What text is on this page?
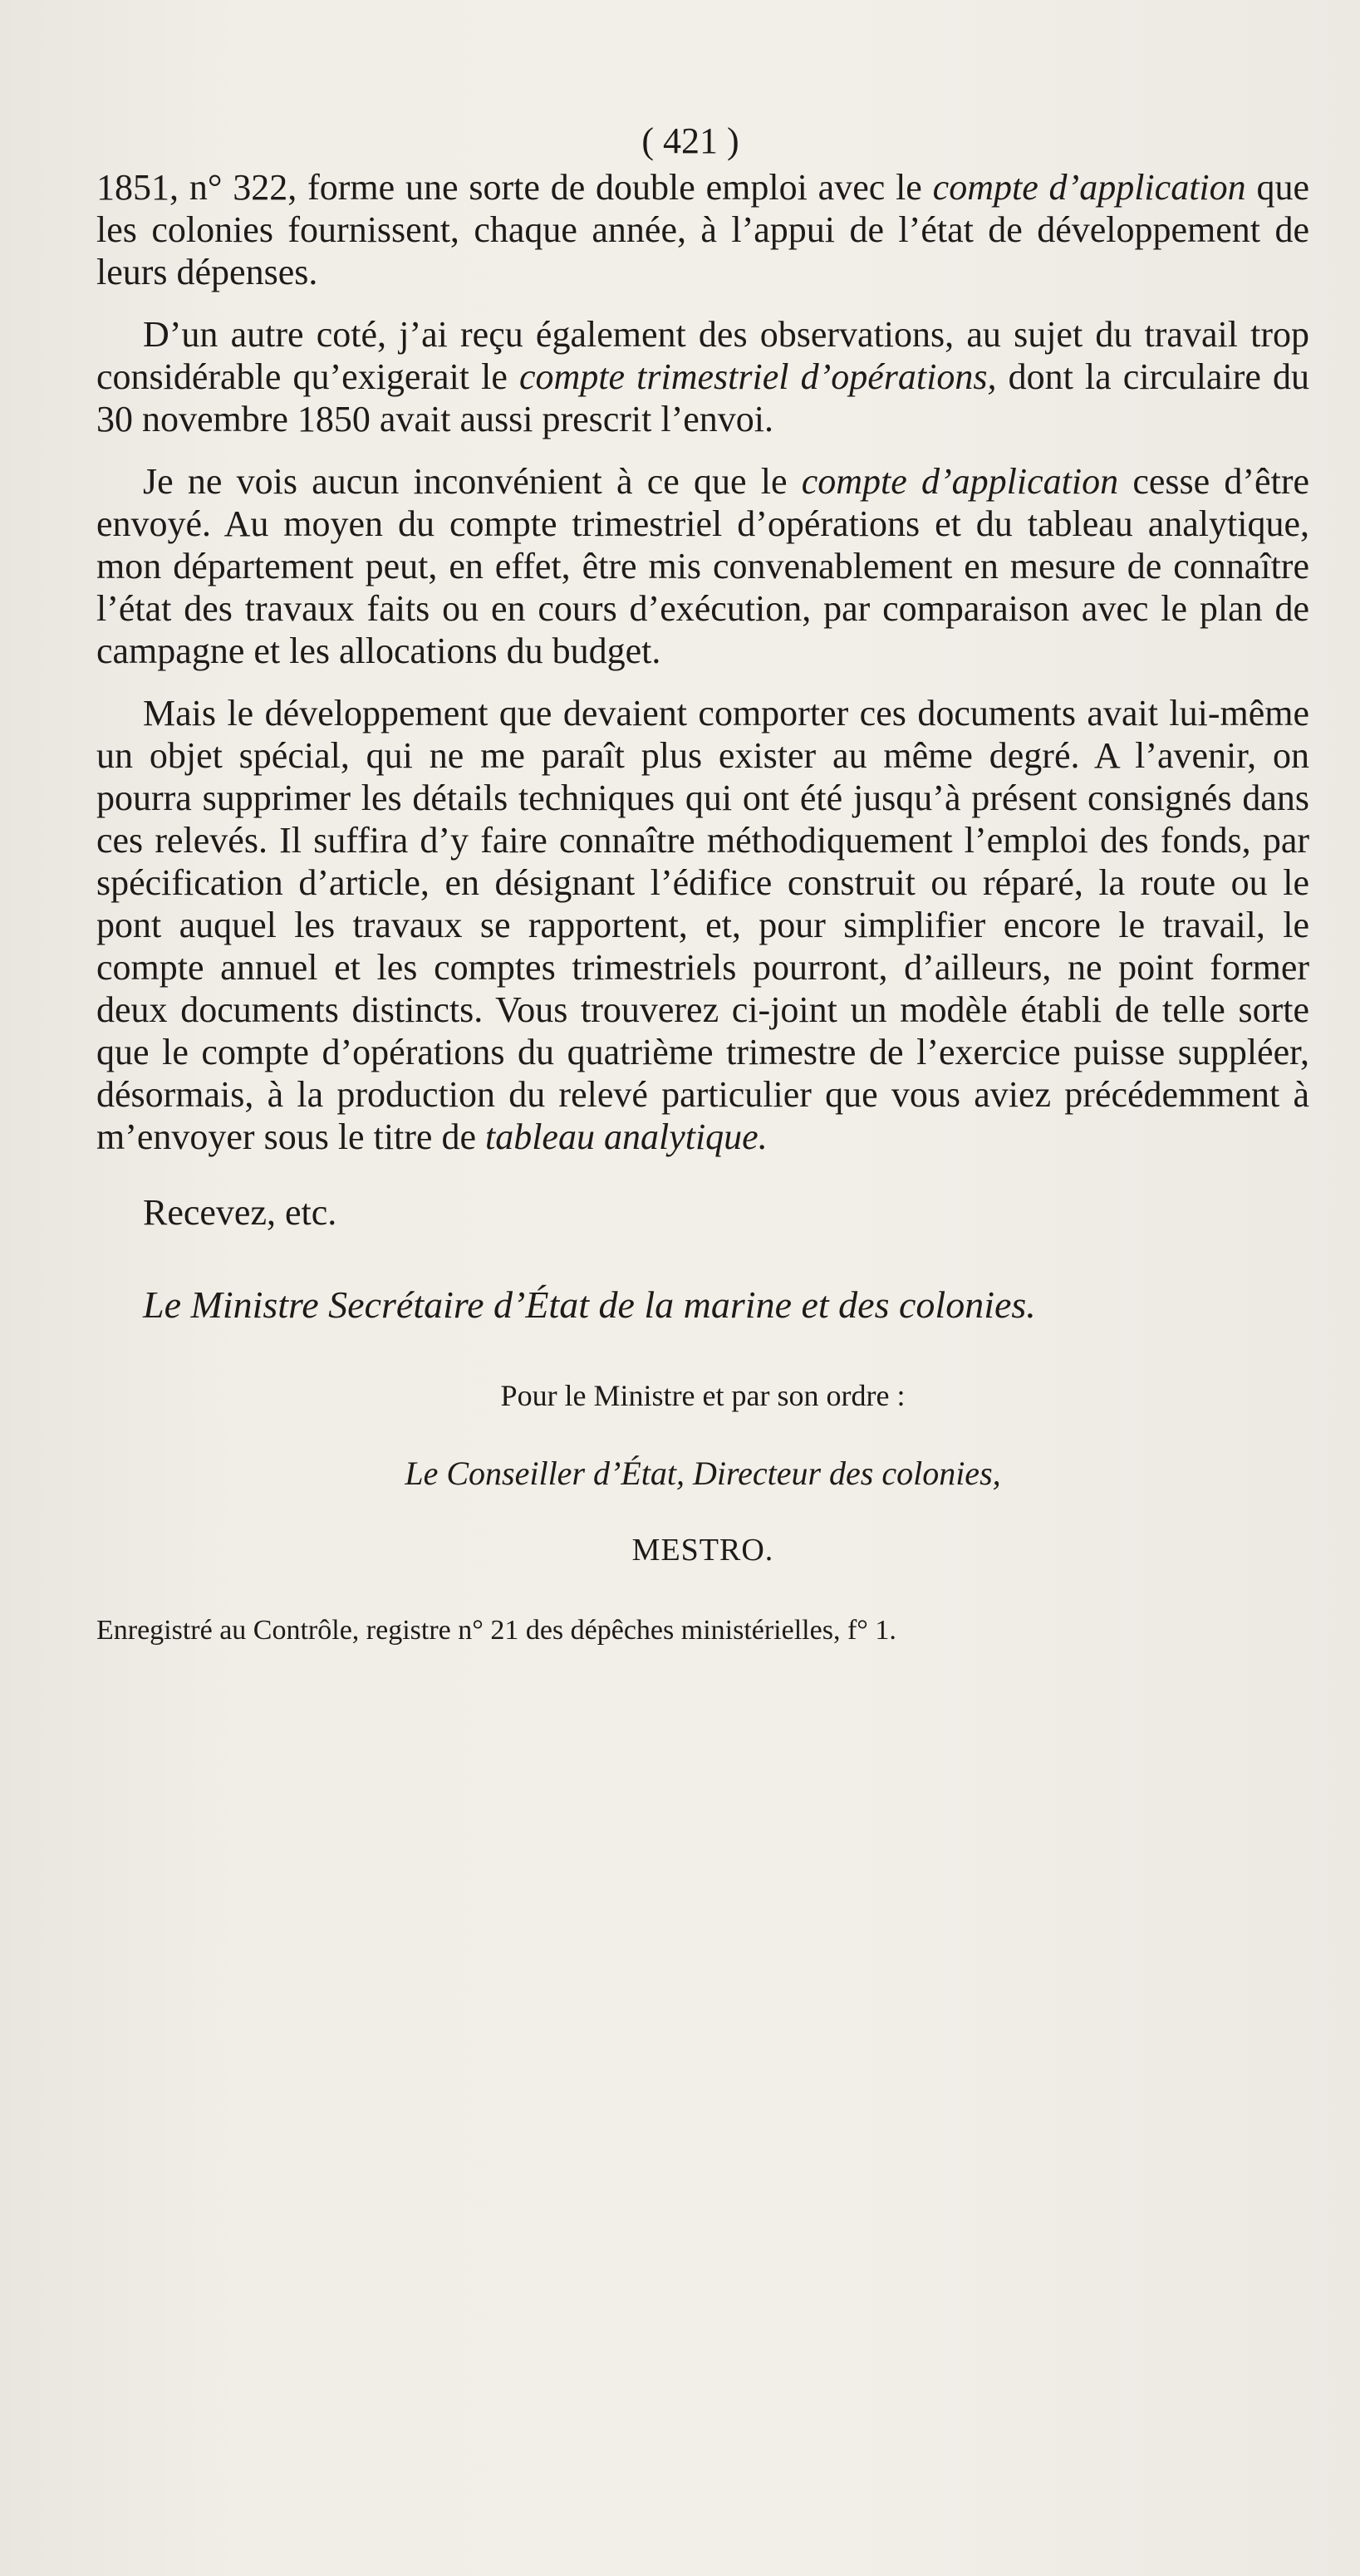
( 421 )

1851, n° 322, forme une sorte de double emploi avec le compte d’application que les colonies fournissent, chaque année, à l’appui de l’état de développement de leurs dépenses.

D’un autre coté, j’ai reçu également des observations, au sujet du travail trop considérable qu’exigerait le compte trimestriel d’opérations, dont la circulaire du 30 novembre 1850 avait aussi prescrit l’envoi.

Je ne vois aucun inconvénient à ce que le compte d’application cesse d’être envoyé. Au moyen du compte trimestriel d’opérations et du tableau analytique, mon département peut, en effet, être mis convenablement en mesure de connaître l’état des travaux faits ou en cours d’exécution, par comparaison avec le plan de campagne et les allocations du budget.

Mais le développement que devaient comporter ces documents avait lui-même un objet spécial, qui ne me paraît plus exister au même degré. A l’avenir, on pourra supprimer les détails techniques qui ont été jusqu’à présent consignés dans ces relevés. Il suffira d’y faire connaître méthodiquement l’emploi des fonds, par spécification d’article, en désignant l’édifice construit ou réparé, la route ou le pont auquel les travaux se rapportent, et, pour simplifier encore le travail, le compte annuel et les comptes trimestriels pourront, d’ailleurs, ne point former deux documents distincts. Vous trouverez ci-joint un modèle établi de telle sorte que le compte d’opérations du quatrième trimestre de l’exercice puisse suppléer, désormais, à la production du relevé particulier que vous aviez précédemment à m’envoyer sous le titre de tableau analytique.

Recevez, etc.

Le Ministre Secrétaire d’État de la marine et des colonies.

Pour le Ministre et par son ordre :

Le Conseiller d’État, Directeur des colonies,

MESTRO.

Enregistré au Contrôle, registre n° 21 des dépêches ministérielles, f° 1.
